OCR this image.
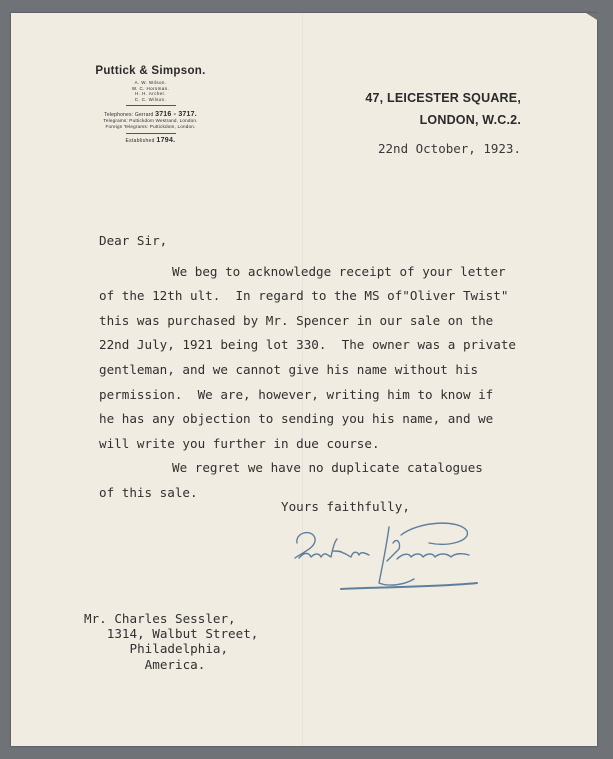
Puttick & Simpson.
A. W. Wilson.
W. C. Horsman.
H. H. Archer.
C. C. Wilson.
Telephones: Gerrard 3716 - 3717.
Telegrams: Puttickdom Westrand, London.
Foreign Telegrams: Puttickdom, London.
Established 1794.
47, LEICESTER SQUARE,
LONDON, W.C.2.
22nd October, 1923.

Dear Sir,

We beg to acknowledge receipt of your letter

of the 12th ult.  In regard to the MS of"Oliver Twist"

this was purchased by Mr. Spencer in our sale on the

22nd July, 1921 being lot 330.  The owner was a private

gentleman, and we cannot give his name without his

permission.  We are, however, writing him to know if

he has any objection to sending you his name, and we

will write you further in due course.

We regret we have no duplicate catalogues

of this sale.

Yours faithfully,
Mr. Charles Sessler,
1314, Walbut Street,
Philadelphia,
America.
